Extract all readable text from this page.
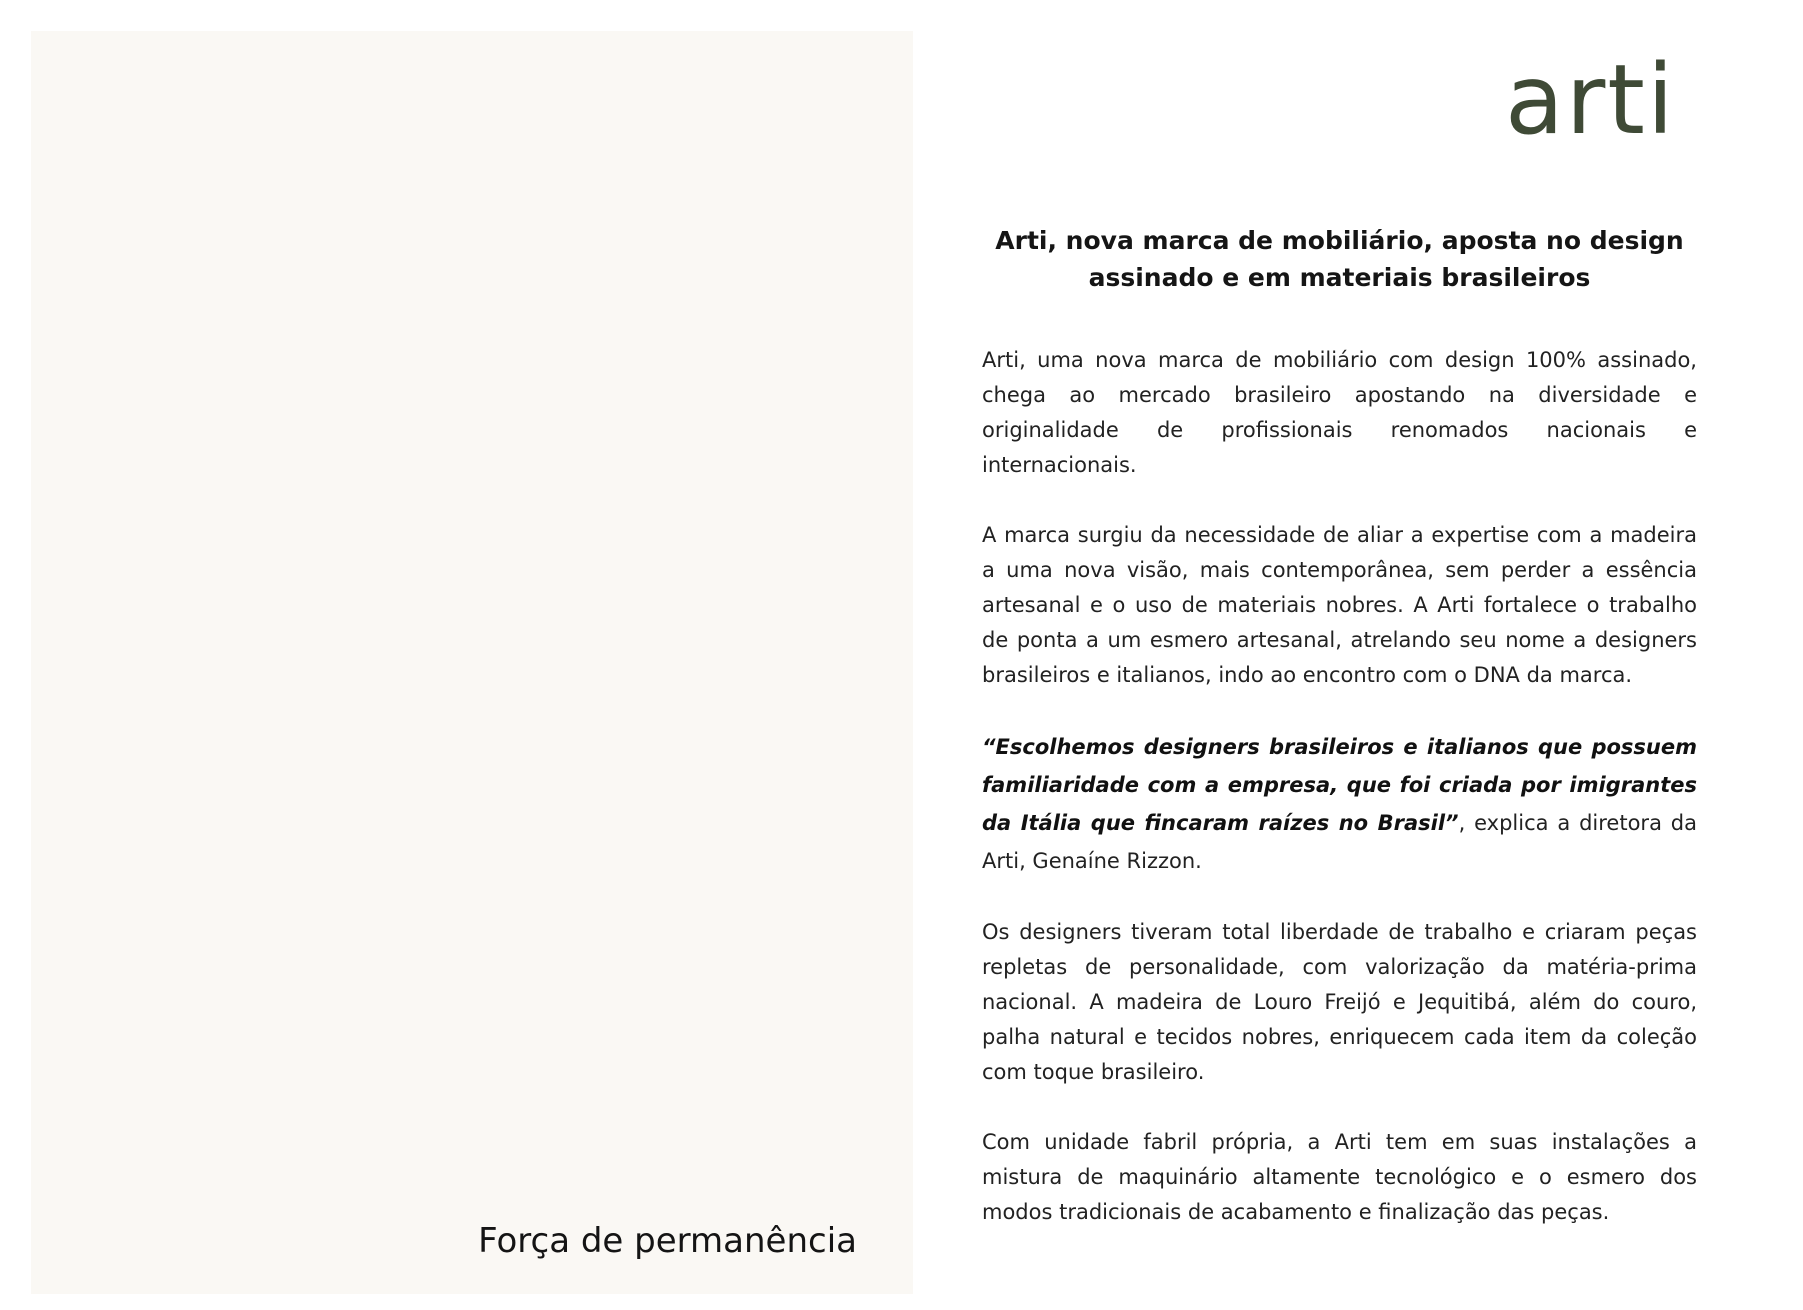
Força de permanência
arti
Arti, nova marca de mobiliário, aposta no design assinado e em materiais brasileiros

Arti, uma nova marca de mobiliário com design 100% assinado, chega ao mercado brasileiro apostando na diversidade e originalidade de profissionais renomados nacionais e internacionais.

A marca surgiu da necessidade de aliar a expertise com a madeira a uma nova visão, mais contemporânea, sem perder a essência artesanal e o uso de materiais nobres. A Arti fortalece o trabalho de ponta a um esmero artesanal, atrelando seu nome a designers brasileiros e italianos, indo ao encontro com o DNA da marca.

“Escolhemos designers brasileiros e italianos que possuem familiaridade com a empresa, que foi criada por imigrantes da Itália que fincaram raízes no Brasil”, explica a diretora da Arti, Genaíne Rizzon.

Os designers tiveram total liberdade de trabalho e criaram peças repletas de personalidade, com valorização da matéria-prima nacional. A madeira de Louro Freijó e Jequitibá, além do couro, palha natural e tecidos nobres, enriquecem cada item da coleção com toque brasileiro.

Com unidade fabril própria, a Arti tem em suas instalações a mistura de maquinário altamente tecnológico e o esmero dos modos tradicionais de acabamento e finalização das peças.
